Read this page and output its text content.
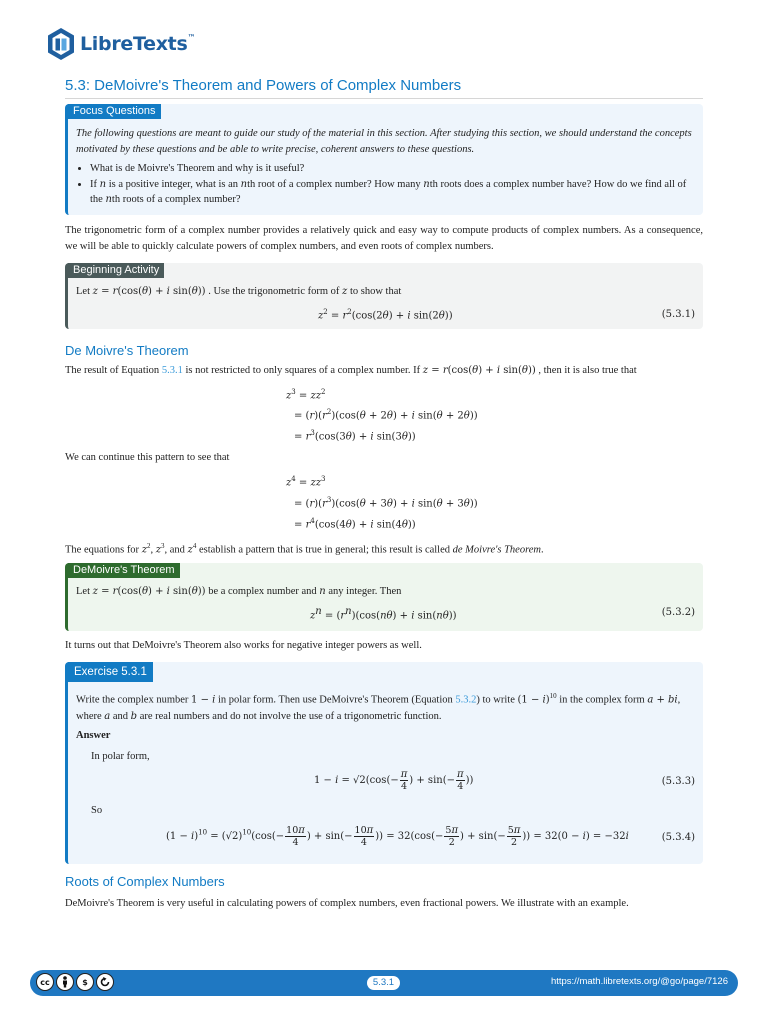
LibreTexts™
5.3: DeMoivre's Theorem and Powers of Complex Numbers
Focus Questions

The following questions are meant to guide our study of the material in this section. After studying this section, we should understand the concepts motivated by these questions and be able to write precise, coherent answers to these questions.

• What is de Moivre's Theorem and why is it useful?
• If n is a positive integer, what is an nth root of a complex number? How many nth roots does a complex number have? How do we find all of the nth roots of a complex number?

The trigonometric form of a complex number provides a relatively quick and easy way to compute products of complex numbers. As a consequence, we will be able to quickly calculate powers of complex numbers, and even roots of complex numbers.

Beginning Activity

Let z = r(cos(θ) + i sin(θ)) . Use the trigonometric form of z to show that

$z^2 = r^2(\cos(2\theta) + i$ sin(2θ))	(5.3.1)
De Moivre's Theorem

The result of Equation 5.3.1 is not restricted to only squares of a complex number. If z = r(cos(θ) + i sin(θ)) , then it is also true that

$z^3 = zz^2$
= $(r)(r^2)(\cos(\theta + 2\theta) + i$ sin(θ + 2θ))
= $r^3(\cos(3\theta) + i$ sin(3θ))

We can continue this pattern to see that

$z^4 = zz^3$
= $(r)(r^3)(\cos(\theta + 3\theta) + i$ sin(θ + 3θ))
= $r^4(\cos(4\theta) + i$ sin(4θ))

The equations for $z^2$, $z^3$, and $z^4$ establish a pattern that is true in general; this result is called de Moivre's Theorem.

DeMoivre's Theorem

Let z = r(cos(θ) + i sin(θ)) be a complex number and n any integer. Then

$z^n = (r^n)(\cos(n\theta) + i$ sin(nθ))	(5.3.2)

It turns out that DeMoivre's Theorem also works for negative integer powers as well.

Exercise 5.3.1

Write the complex number 1 − i in polar form. Then use DeMoivre's Theorem (Equation 5.3.2) to write $(1 - i)^{10}$ in the complex form a + bi, where a and b are real numbers and do not involve the use of a trigonometric function.

Answer
In polar form,
$1 - i = √2(\cos(- \frac{\pi}{4}$ ) + $\sin(- \frac{\pi}{4}$ ))	(5.3.3)
So
$(1 - i)^{10} = (√2)^{10}(\cos(- \frac{10\pi}{4}$ ) + $\sin(- \frac{10\pi}{4}$ )) = $32(\cos(- \frac{5\pi}{2}$ ) + $\sin(- \frac{5\pi}{2}$ )) = 32(0 − i) = −32i	(5.3.4)
Roots of Complex Numbers

DeMoivre's Theorem is very useful in calculating powers of complex numbers, even fractional powers. We illustrate with an example.

cc	$	5.3.1	https://math.libretexts.org/@go/page/7126
